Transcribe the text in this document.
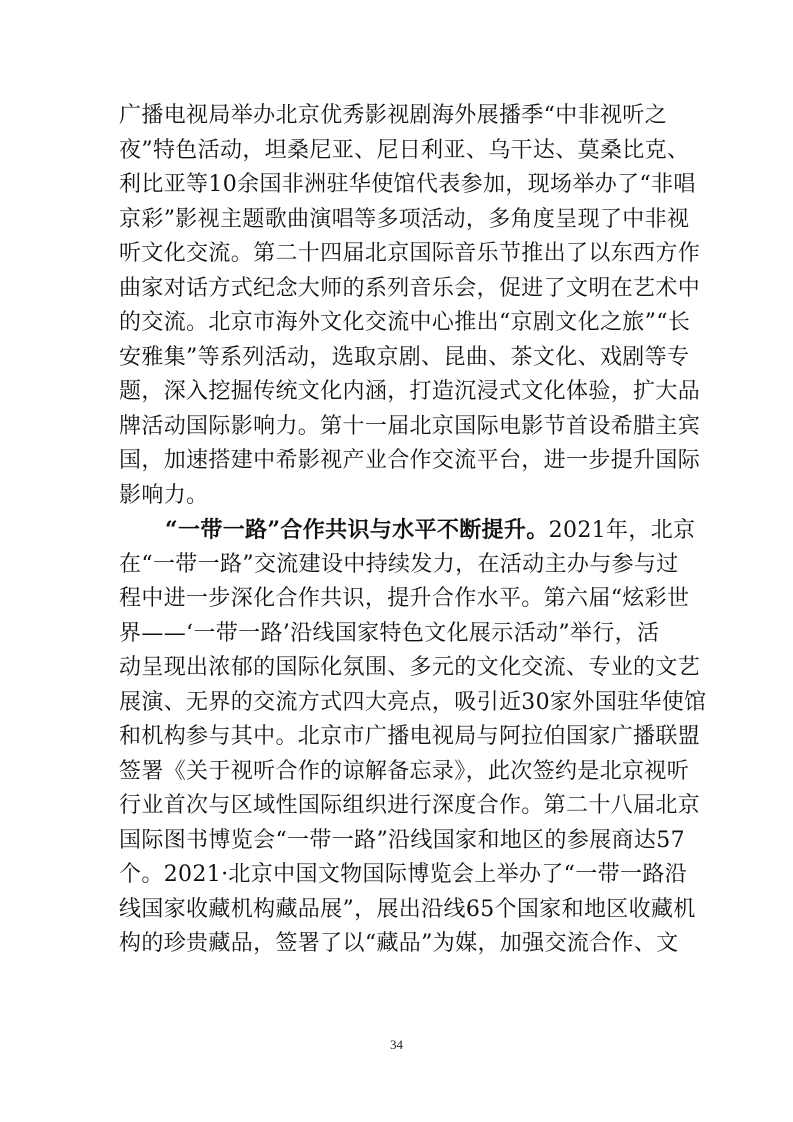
广播电视局举办北京优秀影视剧海外展播季“中非视听之
夜”特色活动，坦桑尼亚、尼日利亚、乌干达、莫桑比克、
利比亚等10余国非洲驻华使馆代表参加，现场举办了“非唱
京彩”影视主题歌曲演唱等多项活动，多角度呈现了中非视
听文化交流。第二十四届北京国际音乐节推出了以东西方作
曲家对话方式纪念大师的系列音乐会，促进了文明在艺术中
的交流。北京市海外文化交流中心推出“京剧文化之旅”“长
安雅集”等系列活动，选取京剧、昆曲、茶文化、戏剧等专
题，深入挖掘传统文化内涵，打造沉浸式文化体验，扩大品
牌活动国际影响力。第十一届北京国际电影节首设希腊主宾
国，加速搭建中希影视产业合作交流平台，进一步提升国际
影响力。
“一带一路”合作共识与水平不断提升。2021年，北京
在“一带一路”交流建设中持续发力，在活动主办与参与过
程中进一步深化合作共识，提升合作水平。第六届“炫彩世
界——‘一带一路’沿线国家特色文化展示活动”举行，活
动呈现出浓郁的国际化氛围、多元的文化交流、专业的文艺
展演、无界的交流方式四大亮点，吸引近30家外国驻华使馆
和机构参与其中。北京市广播电视局与阿拉伯国家广播联盟
签署《关于视听合作的谅解备忘录》，此次签约是北京视听
行业首次与区域性国际组织进行深度合作。第二十八届北京
国际图书博览会“一带一路”沿线国家和地区的参展商达57
个。2021·北京中国文物国际博览会上举办了“一带一路沿
线国家收藏机构藏品展”，展出沿线65个国家和地区收藏机
构的珍贵藏品，签署了以“藏品”为媒，加强交流合作、文
34
